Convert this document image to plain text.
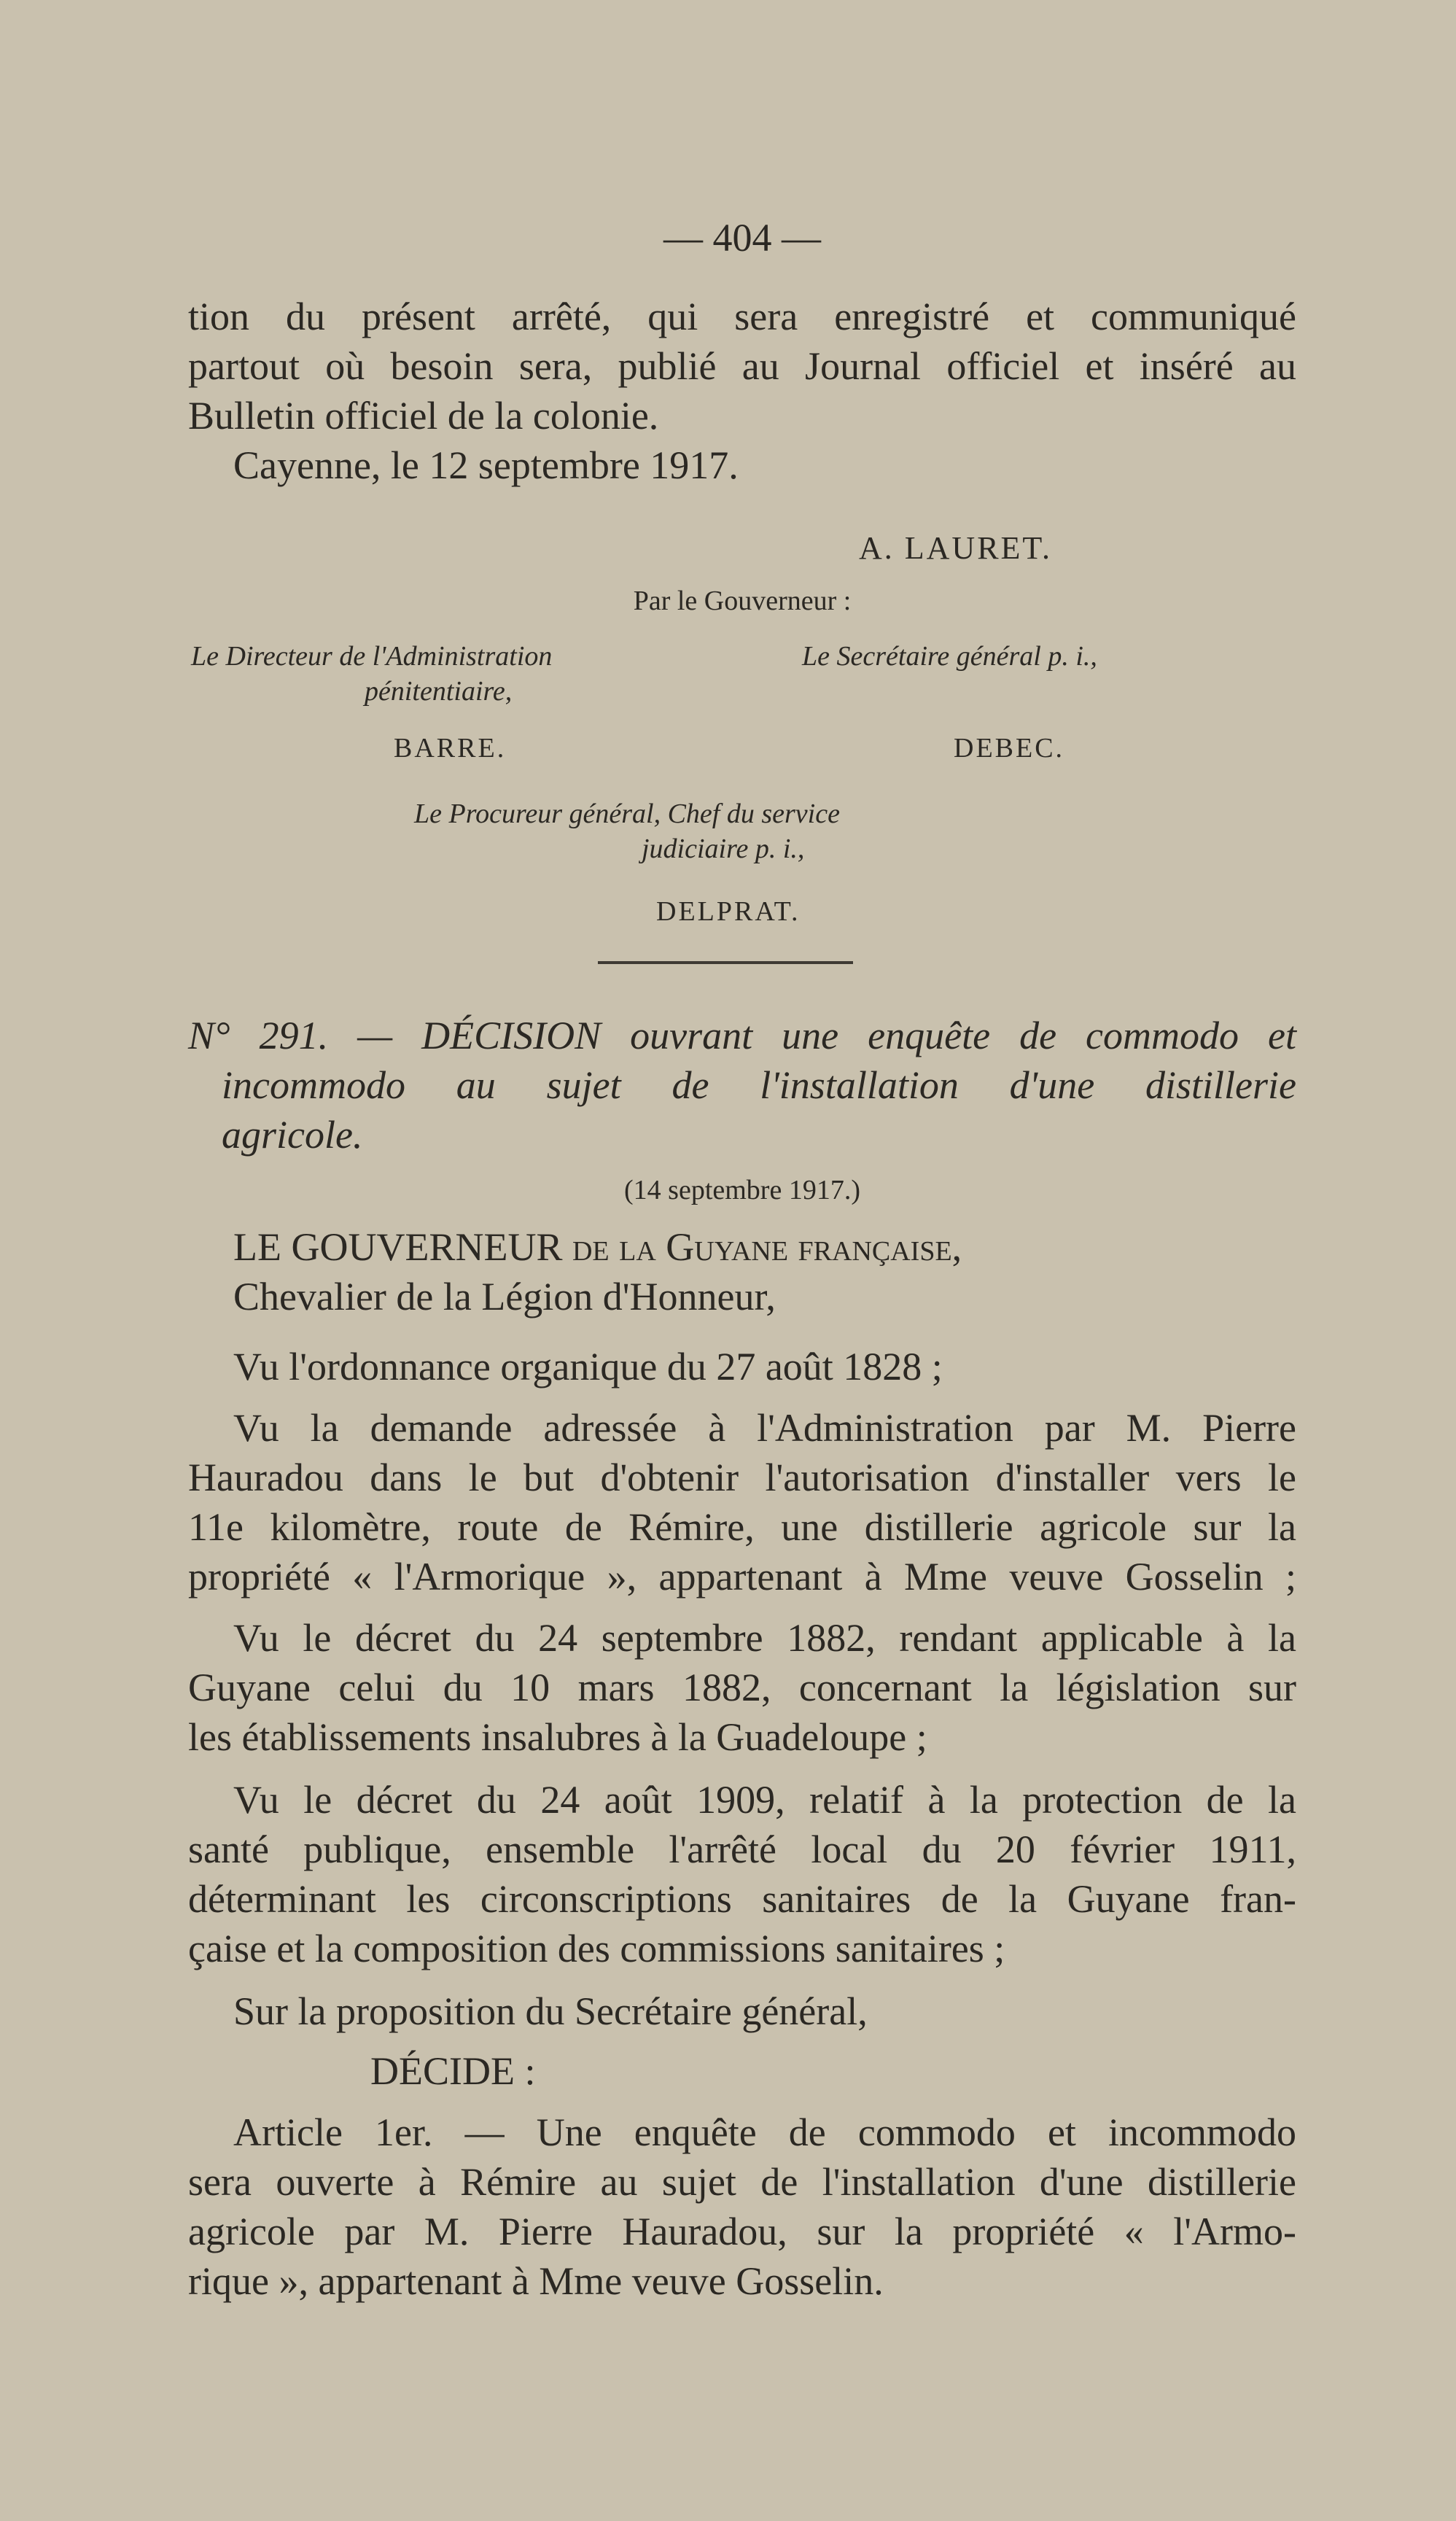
— 404 —
tion du présent arrêté, qui sera enregistré et communiqué
partout où besoin sera, publié au Journal officiel et inséré au
Bulletin officiel de la colonie.
Cayenne, le 12 septembre 1917.
A. LAURET.
Par le Gouverneur :
Le Directeur de l'Administration
pénitentiaire,
Le Secrétaire général p. i.,
BARRE.	DEBEC.
Le Procureur général, Chef du service
judiciaire p. i.,
DELPRAT.
N° 291. — DÉCISION ouvrant une enquête de commodo et
incommodo au sujet de l'installation d'une distillerie
agricole.
(14 septembre 1917.)
LE GOUVERNEUR de la Guyane française,
Chevalier de la Légion d'Honneur,
Vu l'ordonnance organique du 27 août 1828 ;
Vu la demande adressée à l'Administration par M. Pierre
Hauradou dans le but d'obtenir l'autorisation d'installer vers le
11e kilomètre, route de Rémire, une distillerie agricole sur la
propriété « l'Armorique », appartenant à Mme veuve Gosselin ;
Vu le décret du 24 septembre 1882, rendant applicable à la
Guyane celui du 10 mars 1882, concernant la législation sur
les établissements insalubres à la Guadeloupe ;
Vu le décret du 24 août 1909, relatif à la protection de la
santé publique, ensemble l'arrêté local du 20 février 1911,
déterminant les circonscriptions sanitaires de la Guyane fran-
çaise et la composition des commissions sanitaires ;
Sur la proposition du Secrétaire général,
DÉCIDE :
Article 1er. — Une enquête de commodo et incommodo
sera ouverte à Rémire au sujet de l'installation d'une distillerie
agricole par M. Pierre Hauradou, sur la propriété « l'Armo-
rique », appartenant à Mme veuve Gosselin.
